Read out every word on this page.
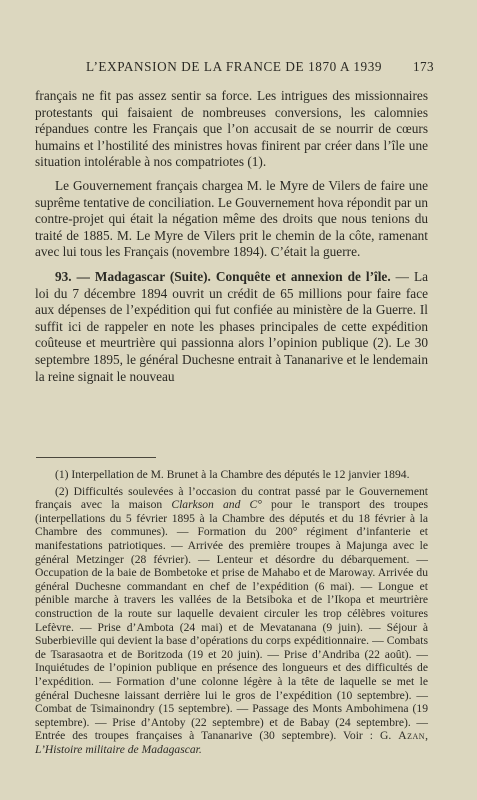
L’EXPANSION DE LA FRANCE DE 1870 A 1939 173

français ne fit pas assez sentir sa force. Les intrigues des missionnaires protestants qui faisaient de nombreuses conversions, les calomnies répandues contre les Français que l’on accusait de se nourrir de cœurs humains et l’hostilité des ministres hovas finirent par créer dans l’île une situation intolérable à nos compatriotes (1).

Le Gouvernement français chargea M. le Myre de Vilers de faire une suprême tentative de conciliation. Le Gouvernement hova répondit par un contre-projet qui était la négation même des droits que nous tenions du traité de 1885. M. Le Myre de Vilers prit le chemin de la côte, ramenant avec lui tous les Français (novembre 1894). C’était la guerre.

93. — Madagascar (Suite). Conquête et annexion de l’île. — La loi du 7 décembre 1894 ouvrit un crédit de 65 millions pour faire face aux dépenses de l’expédition qui fut confiée au ministère de la Guerre. Il suffit ici de rappeler en note les phases principales de cette expédition coûteuse et meurtrière qui passionna alors l’opinion publique (2). Le 30 septembre 1895, le général Duchesne entrait à Tananarive et le lendemain la reine signait le nouveau

(1) Interpellation de M. Brunet à la Chambre des députés le 12 janvier 1894.

(2) Difficultés soulevées à l’occasion du contrat passé par le Gouvernement français avec la maison Clarkson and C° pour le transport des troupes (interpellations du 5 février 1895 à la Chambre des députés et du 18 février à la Chambre des communes). — Formation du 200° régiment d’infanterie et manifestations patriotiques. — Arrivée des première troupes à Majunga avec le général Metzinger (28 février). — Lenteur et désordre du débarquement. — Occupation de la baie de Bombetoke et prise de Mahabo et de Maroway. Arrivée du général Duchesne commandant en chef de l’expédition (6 mai). — Longue et pénible marche à travers les vallées de la Betsiboka et de l’Ikopa et meurtrière construction de la route sur laquelle devaient circuler les trop célèbres voitures Lefèvre. — Prise d’Ambota (24 mai) et de Mevatanana (9 juin). — Séjour à Suberbieville qui devient la base d’opérations du corps expéditionnaire. — Combats de Tsarasaotra et de Boritzoda (19 et 20 juin). — Prise d’Andriba (22 août). — Inquiétudes de l’opinion publique en présence des longueurs et des difficultés de l’expédition. — Formation d’une colonne légère à la tête de laquelle se met le général Duchesne laissant derrière lui le gros de l’expédition (10 septembre). — Combat de Tsimainondry (15 septembre). — Passage des Monts Ambohimena (19 septembre). — Prise d’Antoby (22 septembre) et de Babay (24 septembre). — Entrée des troupes françaises à Tananarive (30 septembre). Voir : G. Azan, L’Histoire militaire de Madagascar.
